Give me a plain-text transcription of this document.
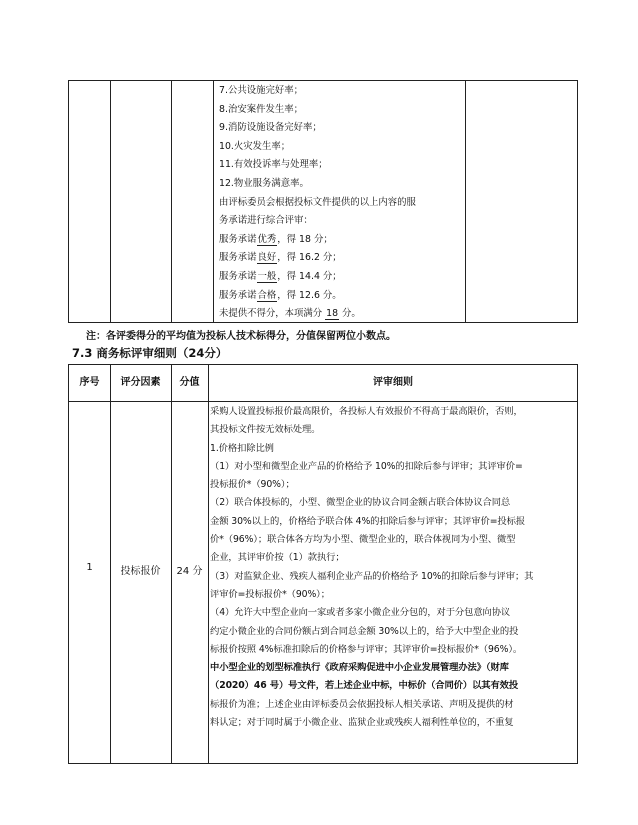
7.公共设施完好率；
8.治安案件发生率；
9.消防设施设备完好率；
10.火灾发生率；
11.有效投诉率与处理率；
12.物业服务满意率。
由评标委员会根据投标文件提供的以上内容的服
务承诺进行综合评审：
服务承诺优秀，得 18 分；
服务承诺良好，得 16.2 分；
服务承诺一般，得 14.4 分；
服务承诺合格，得 12.6 分。
未提供不得分，本项满分 18 分。
注：各评委得分的平均值为投标人技术标得分，分值保留两位小数点。
7.3 商务标评审细则（24分）
序号	评分因素	分值	评审细则
1	投标报价	24 分
采购人设置投标报价最高限价，各投标人有效报价不得高于最高限价，否则，
其投标文件按无效标处理。
1.价格扣除比例
（1）对小型和微型企业产品的价格给予 10%的扣除后参与评审；其评审价=
投标报价*（90%）；
（2）联合体投标的，小型、微型企业的协议合同金额占联合体协议合同总
金额 30%以上的，价格给予联合体 4%的扣除后参与评审；其评审价=投标报
价*（96%）；联合体各方均为小型、微型企业的，联合体视同为小型、微型
企业，其评审价按（1）款执行；
（3）对监狱企业、残疾人福利企业产品的价格给予 10%的扣除后参与评审；其
评审价=投标报价*（90%）；
（4）允许大中型企业向一家或者多家小微企业分包的，对于分包意向协议
约定小微企业的合同份额占到合同总金额 30%以上的，给予大中型企业的投
标报价按照 4%标准扣除后的价格参与评审；其评审价=投标报价*（96%）。
中小型企业的划型标准执行《政府采购促进中小企业发展管理办法》（财库
（2020）46 号）号文件，若上述企业中标，中标价（合同价）以其有效投
标报价为准；上述企业由评标委员会依据投标人相关承诺、声明及提供的材
料认定；对于同时属于小微企业、监狱企业或残疾人福利性单位的，不重复
